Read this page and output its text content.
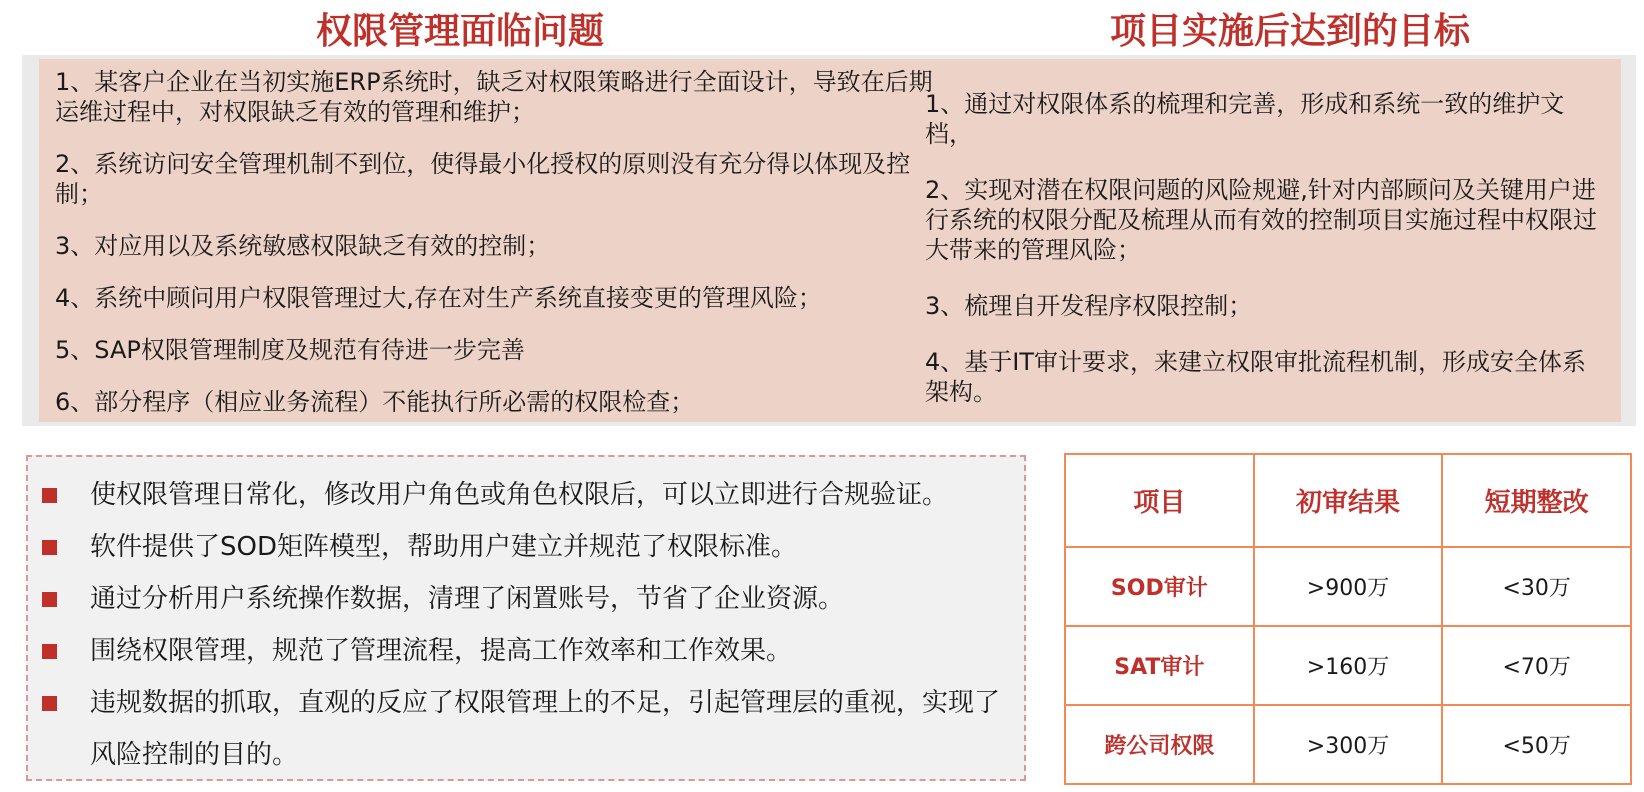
权限管理面临问题	项目实施后达到的目标

1、某客户企业在当初实施ERP系统时，缺乏对权限策略进行全面设计，导致在后期运维过程中，对权限缺乏有效的管理和维护；

2、系统访问安全管理机制不到位，使得最小化授权的原则没有充分得以体现及控制；

3、对应用以及系统敏感权限缺乏有效的控制；

4、系统中顾问用户权限管理过大,存在对生产系统直接变更的管理风险；

5、SAP权限管理制度及规范有待进一步完善

6、部分程序（相应业务流程）不能执行所必需的权限检查；

1、通过对权限体系的梳理和完善，形成和系统一致的维护文档，

2、实现对潜在权限问题的风险规避,针对内部顾问及关键用户进行系统的权限分配及梳理从而有效的控制项目实施过程中权限过大带来的管理风险；

3、梳理自开发程序权限控制；

4、基于IT审计要求，来建立权限审批流程机制，形成安全体系架构。

使权限管理日常化，修改用户角色或角色权限后，可以立即进行合规验证。
软件提供了SOD矩阵模型，帮助用户建立并规范了权限标准。
通过分析用户系统操作数据，清理了闲置账号，节省了企业资源。
围绕权限管理，规范了管理流程，提高工作效率和工作效果。
违规数据的抓取，直观的反应了权限管理上的不足，引起管理层的重视，实现了风险控制的目的。
项目	初审结果	短期整改
SOD审计	>900万	<30万
SAT审计	>160万	<70万
跨公司权限	>300万	<50万
